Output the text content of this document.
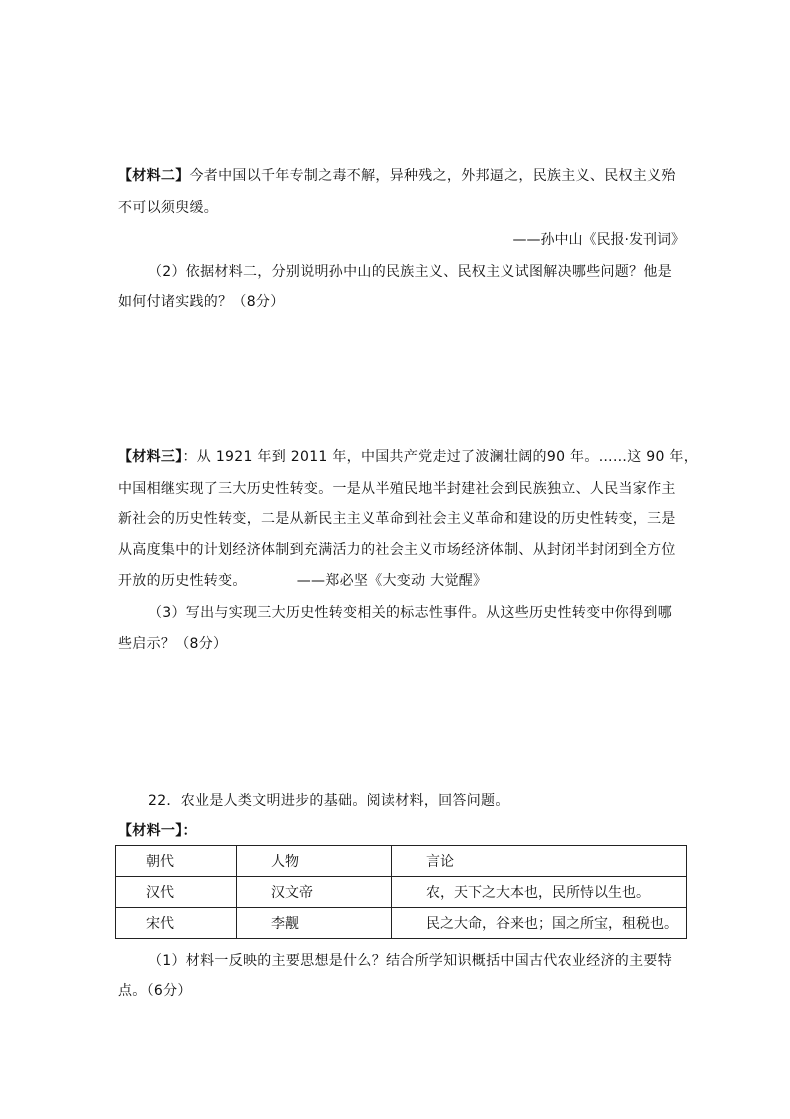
【材料二】今者中国以千年专制之毒不解，异种残之，外邦逼之，民族主义、民权主义殆
不可以须臾缓。
——孙中山《民报·发刊词》
（2）依据材料二，分别说明孙中山的民族主义、民权主义试图解决哪些问题？他是
如何付诸实践的？（8分）
【材料三】：从 1921 年到 2011 年，中国共产党走过了波澜壮阔的90 年。……这 90 年，
中国相继实现了三大历史性转变。一是从半殖民地半封建社会到民族独立、人民当家作主
新社会的历史性转变，二是从新民主主义革命到社会主义革命和建设的历史性转变，三是
从高度集中的计划经济体制到充满活力的社会主义市场经济体制、从封闭半封闭到全方位
开放的历史性转变。	——郑必坚《大变动 大觉醒》
（3）写出与实现三大历史性转变相关的标志性事件。从这些历史性转变中你得到哪
些启示？（8分）
22．农业是人类文明进步的基础。阅读材料，回答问题。
【材料一】：
朝代	人物	言论
汉代	汉文帝	农，天下之大本也，民所恃以生也。
宋代	李觏	民之大命，谷来也；国之所宝，租税也。
（1）材料一反映的主要思想是什么？结合所学知识概括中国古代农业经济的主要特
点。（6分）
